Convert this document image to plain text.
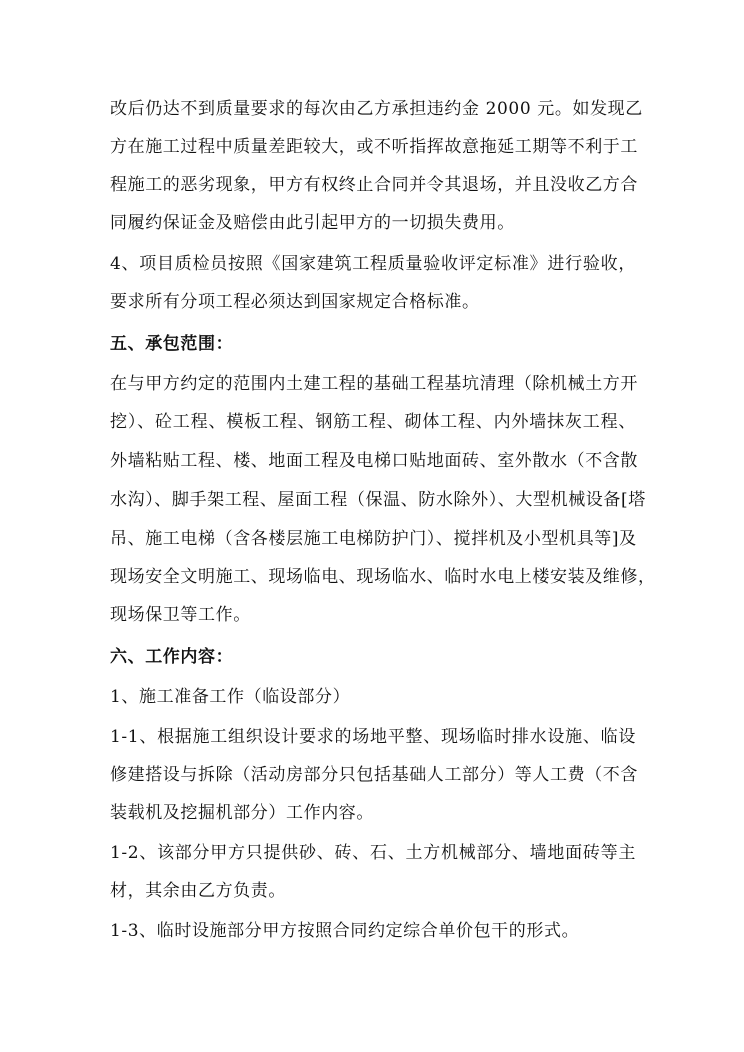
改后仍达不到质量要求的每次由乙方承担违约金 2000 元。如发现乙
方在施工过程中质量差距较大，或不听指挥故意拖延工期等不利于工
程施工的恶劣现象，甲方有权终止合同并令其退场，并且没收乙方合
同履约保证金及赔偿由此引起甲方的一切损失费用。
4、项目质检员按照《国家建筑工程质量验收评定标准》进行验收，
要求所有分项工程必须达到国家规定合格标准。
五、承包范围：
在与甲方约定的范围内土建工程的基础工程基坑清理（除机械土方开
挖）、砼工程、模板工程、钢筋工程、砌体工程、内外墙抹灰工程、
外墙粘贴工程、楼、地面工程及电梯口贴地面砖、室外散水（不含散
水沟）、脚手架工程、屋面工程（保温、防水除外）、大型机械设备[塔
吊、施工电梯（含各楼层施工电梯防护门）、搅拌机及小型机具等]及
现场安全文明施工、现场临电、现场临水、临时水电上楼安装及维修，
现场保卫等工作。
六、工作内容：
1、施工准备工作（临设部分）
1-1、根据施工组织设计要求的场地平整、现场临时排水设施、临设
修建搭设与拆除（活动房部分只包括基础人工部分）等人工费（不含
装载机及挖掘机部分）工作内容。
1-2、该部分甲方只提供砂、砖、石、土方机械部分、墙地面砖等主
材，其余由乙方负责。
1-3、临时设施部分甲方按照合同约定综合单价包干的形式。
